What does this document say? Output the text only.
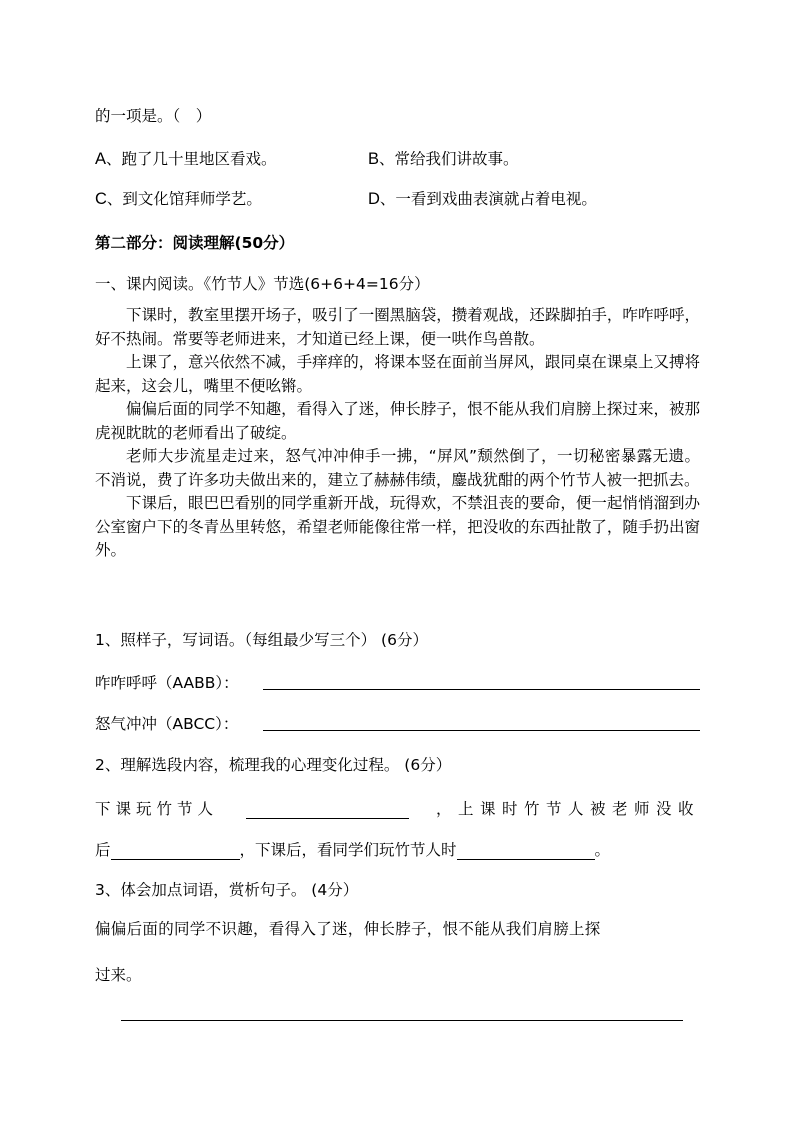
的一项是。（　）
A、跑了几十里地区看戏。	B、常给我们讲故事。
C、到文化馆拜师学艺。	D、一看到戏曲表演就占着电视。
第二部分：阅读理解(50分）
一、课内阅读。《竹节人》节选(6+6+4=16分）

下课时，教室里摆开场子，吸引了一圈黑脑袋，攒着观战，还跺脚拍手，咋咋呼呼，好不热闹。常要等老师进来，才知道已经上课，便一哄作鸟兽散。

上课了，意兴依然不减，手痒痒的，将课本竖在面前当屏风，跟同桌在课桌上又搏将起来，这会儿，嘴里不便吆锵。

偏偏后面的同学不知趣，看得入了迷，伸长脖子，恨不能从我们肩膀上探过来，被那虎视眈眈的老师看出了破绽。

老师大步流星走过来，怒气冲冲伸手一拂，“屏风”颓然倒了，一切秘密暴露无遗。不消说，费了许多功夫做出来的，建立了赫赫伟绩，鏖战犹酣的两个竹节人被一把抓去。

下课后，眼巴巴看别的同学重新开战，玩得欢，不禁沮丧的要命，便一起悄悄溜到办公室窗户下的冬青丛里转悠，希望老师能像往常一样，把没收的东西扯散了，随手扔出窗外。

1、照样子，写词语。（每组最少写三个） (6分）
咋咋呼呼（AABB）：
怒气冲冲（ABCC）：
2、理解选段内容，梳理我的心理变化过程。 (6分）
下课玩竹节人
	，上课时竹节人被老师没收
后	，下课后，看同学们玩竹节人时	。
3、体会加点词语，赏析句子。 (4分）
偏偏后面的同学不识趣，看得入了迷，伸长脖子，恨不能从我们肩膀上探
过来。
